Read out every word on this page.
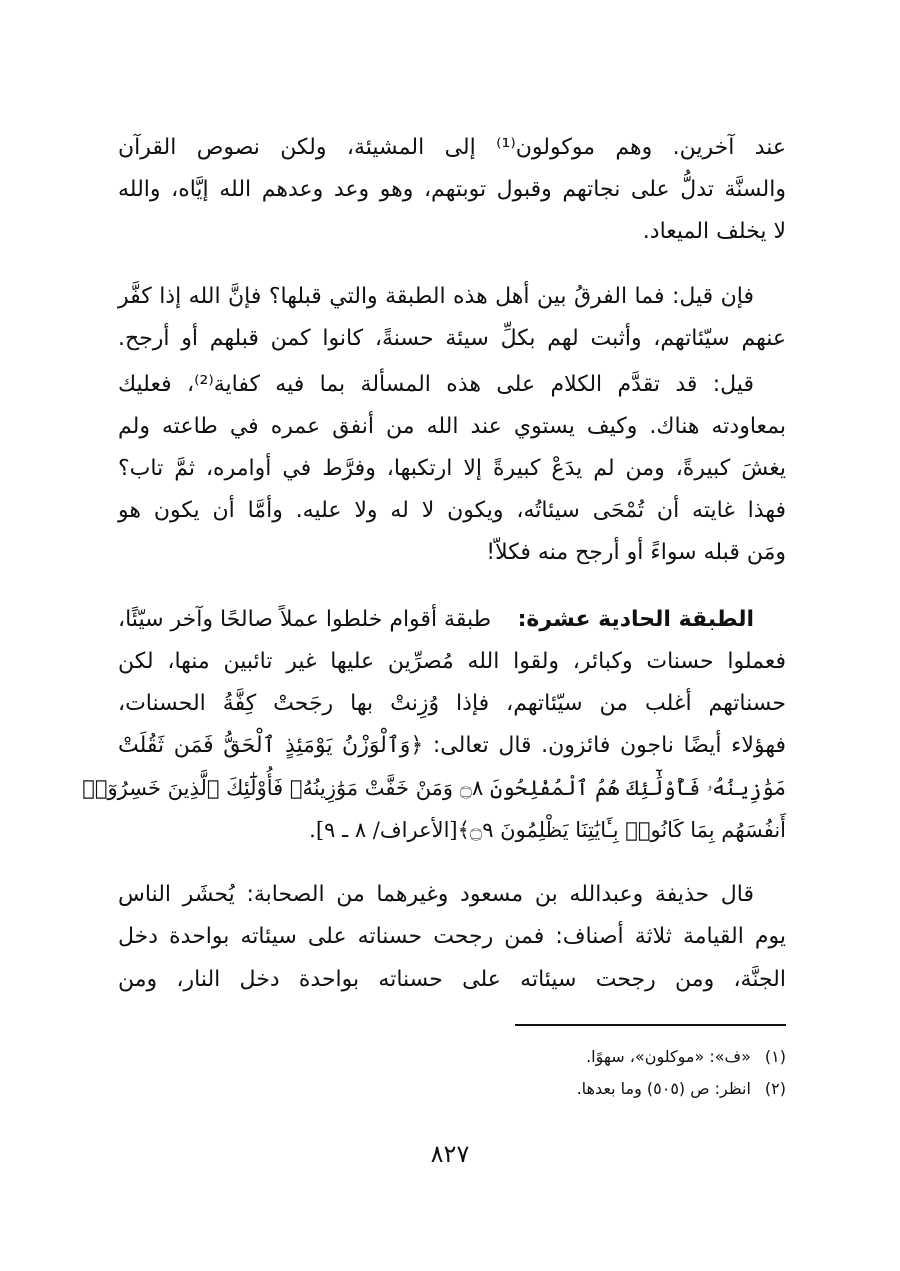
عند آخرين. وهم موكولون⁽¹⁾ إلى المشيئة، ولكن نصوص القرآن
والسنَّة تدلُّ على نجاتهم وقبول توبتهم، وهو وعد وعدهم الله إيَّاه، والله
لا يخلف الميعاد.
فإن قيل: فما الفرقُ بين أهل هذه الطبقة والتي قبلها؟ فإنَّ الله إذا كفَّر
عنهم سيّئاتهم، وأثبت لهم بكلِّ سيئة حسنةً، كانوا كمن قبلهم أو أرجح.
قيل: قد تقدَّم الكلام على هذه المسألة بما فيه كفاية⁽²⁾، فعليك
بمعاودته هناك. وكيف يستوي عند الله من أنفق عمره في طاعته ولم
يغشَ كبيرةً، ومن لم يدَعْ كبيرةً إلا ارتكبها، وفرَّط في أوامره، ثمَّ تاب؟
فهذا غايته أن تُمْحَى سيئاتُه، ويكون لا له ولا عليه. وأمَّا أن يكون هو
ومَن قبله سواءً أو أرجح منه فكلاّ!
الطبقة الحادية عشرة:
طبقة أقوام خلطوا عملاً صالحًا وآخر سيّئًا،
فعملوا حسنات وكبائر، ولقوا الله مُصرِّين عليها غير تائبين منها، لكن
حسناتهم أغلب من سيّئاتهم، فإذا وُزِنتْ بها رجَحتْ كِفَّةُ الحسنات،
فهؤلاء أيضًا ناجون فائزون. قال تعالى: ﴿وَٱلْوَزْنُ يَوْمَئِذٍ ٱلْحَقُّ فَمَن ثَقُلَتْ
مَوَٰزِينُهُۥ فَأُوْلَٰٓئِكَ هُمُ ٱلْمُفْلِحُونَ ۝٨ وَمَنْ خَفَّتْ مَوَٰزِينُهُۥ فَأُوْلَٰٓئِكَ ٱلَّذِينَ خَسِرُوٓا۟
أَنفُسَهُم بِمَا كَانُوا۟ بِـَٔايَٰتِنَا يَظْلِمُونَ ۝٩﴾[الأعراف/ ٨ ـ ٩].
قال حذيفة وعبدالله بن مسعود وغيرهما من الصحابة: يُحشَر الناس
يوم القيامة ثلاثة أصناف: فمن رجحت حسناته على سيئاته بواحدة دخل
الجنَّة، ومن رجحت سيئاته على حسناته بواحدة دخل النار، ومن
(١)«ف»: «موكلون»، سهوًا.
(٢)انظر: ص (٥٠٥) وما بعدها.
٨٢٧
